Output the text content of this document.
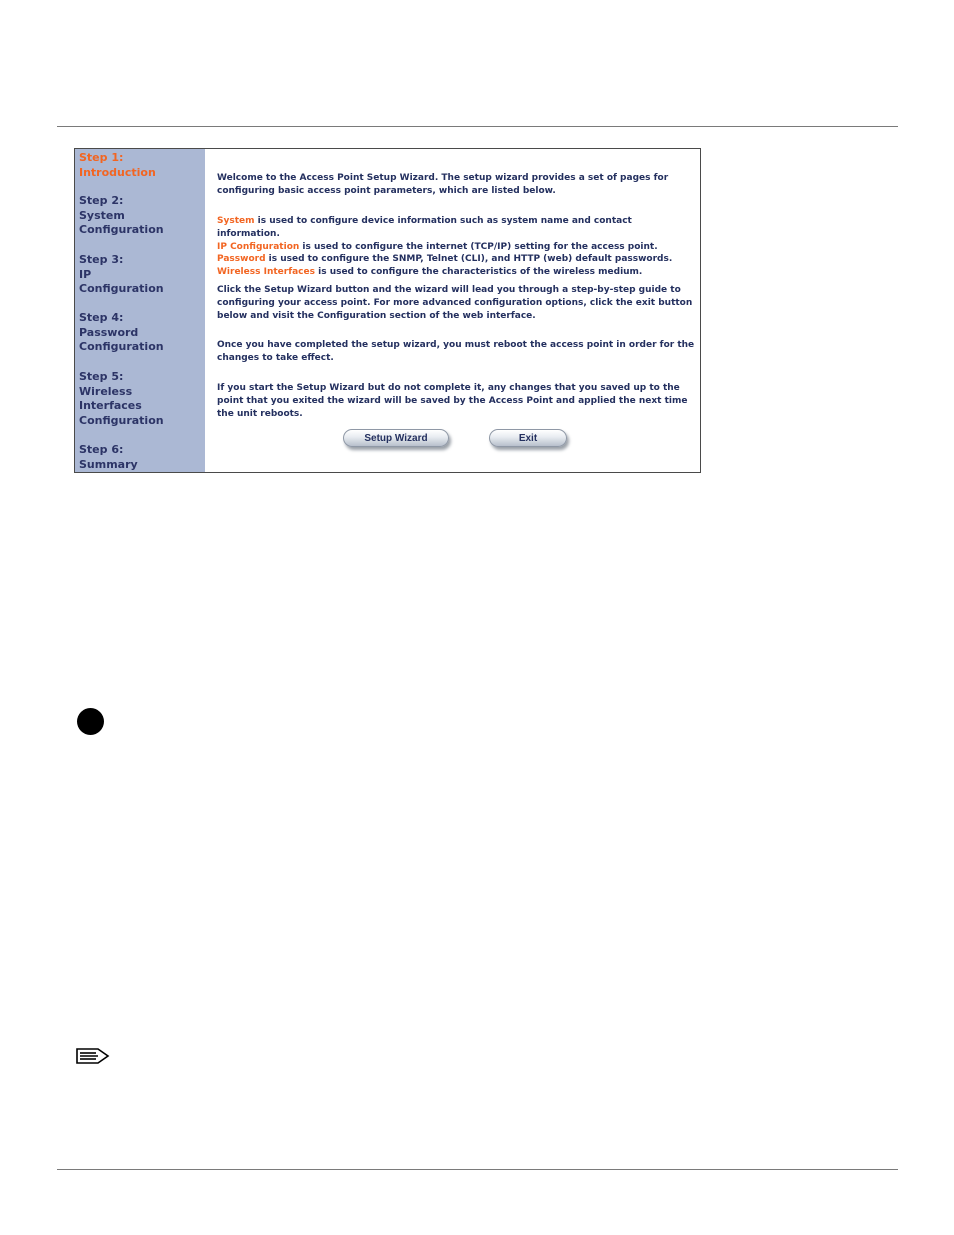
Step 1:
Introduction
Step 2:
System
Configuration
Step 3:
IP
Configuration
Step 4:
Password
Configuration
Step 5:
Wireless
Interfaces
Configuration
Step 6:
Summary

Welcome to the Access Point Setup Wizard. The setup wizard provides a set of pages for configuring basic access point parameters, which are listed below.

System is used to configure device information such as system name and contact information.
IP Configuration is used to configure the internet (TCP/IP) setting for the access point.
Password is used to configure the SNMP, Telnet (CLI), and HTTP (web) default passwords.
Wireless Interfaces is used to configure the characteristics of the wireless medium.

Click the Setup Wizard button and the wizard will lead you through a step-by-step guide to configuring your access point. For more advanced configuration options, click the exit button below and visit the Configuration section of the web interface.

Once you have completed the setup wizard, you must reboot the access point in order for the changes to take effect.

If you start the Setup Wizard but do not complete it, any changes that you saved up to the point that you exited the wizard will be saved by the Access Point and applied the next time the unit reboots.

Setup Wizard	Exit
